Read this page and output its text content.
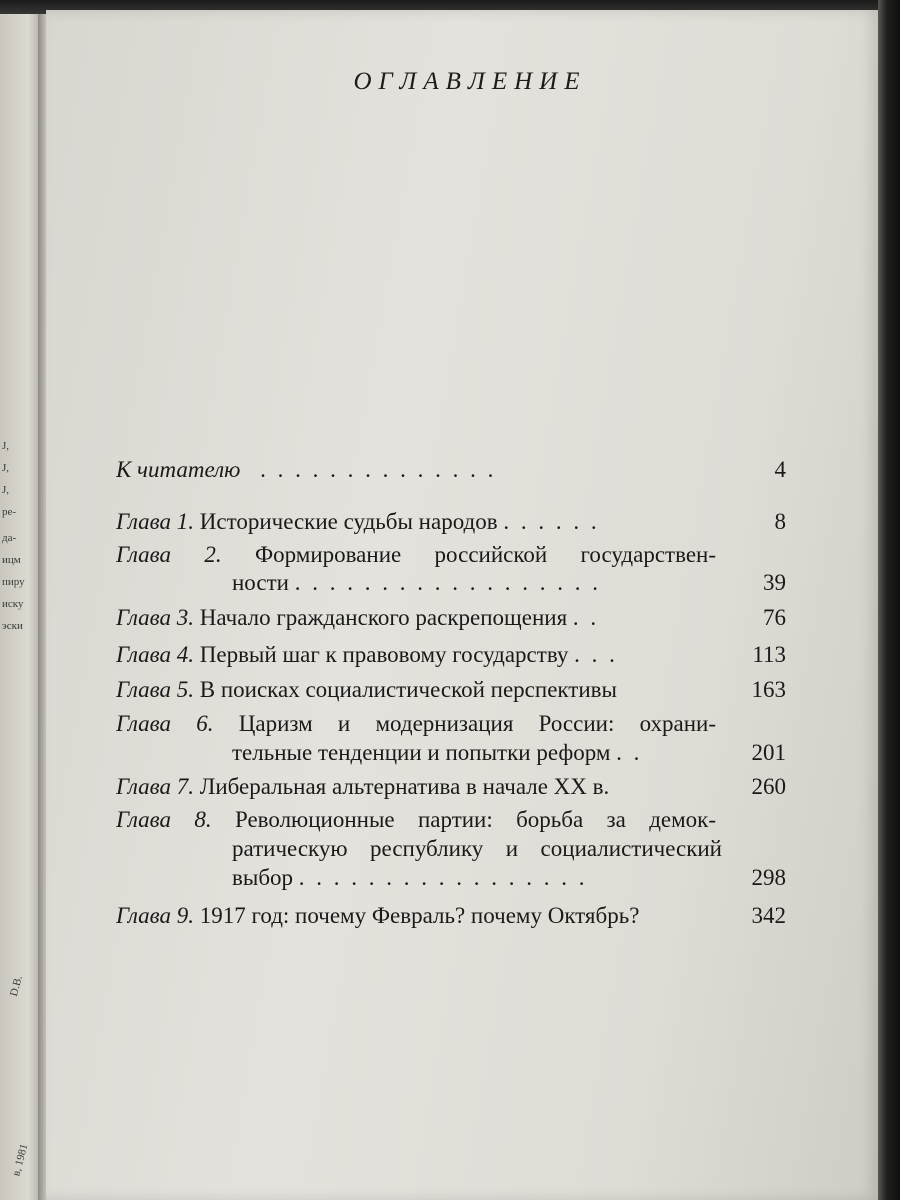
J,
J,
J,
ре-
да-
ицм
пиру
иску
эски
D.B.
в, 1981
ОГЛАВЛЕНИЕ
К читателю . . . . . . . . . . . . . .	4
Глава 1. Исторические судьбы народов . . . . . .	8
Глава 2. Формирование российской государствен-
ности . . . . . . . . . . . . . . . . . .	39
Глава 3. Начало гражданского раскрепощения . .	76
Глава 4. Первый шаг к правовому государству . . .	113
Глава 5. В поисках социалистической перспективы	163
Глава 6. Царизм и модернизация России: охрани-
тельные тенденции и попытки реформ . .	201
Глава 7. Либеральная альтернатива в начале XX в.	260
Глава 8. Революционные партии: борьба за демок-
ратическую республику и социалистический
выбор . . . . . . . . . . . . . . . . .	298
Глава 9. 1917 год: почему Февраль? почему Октябрь?	342
